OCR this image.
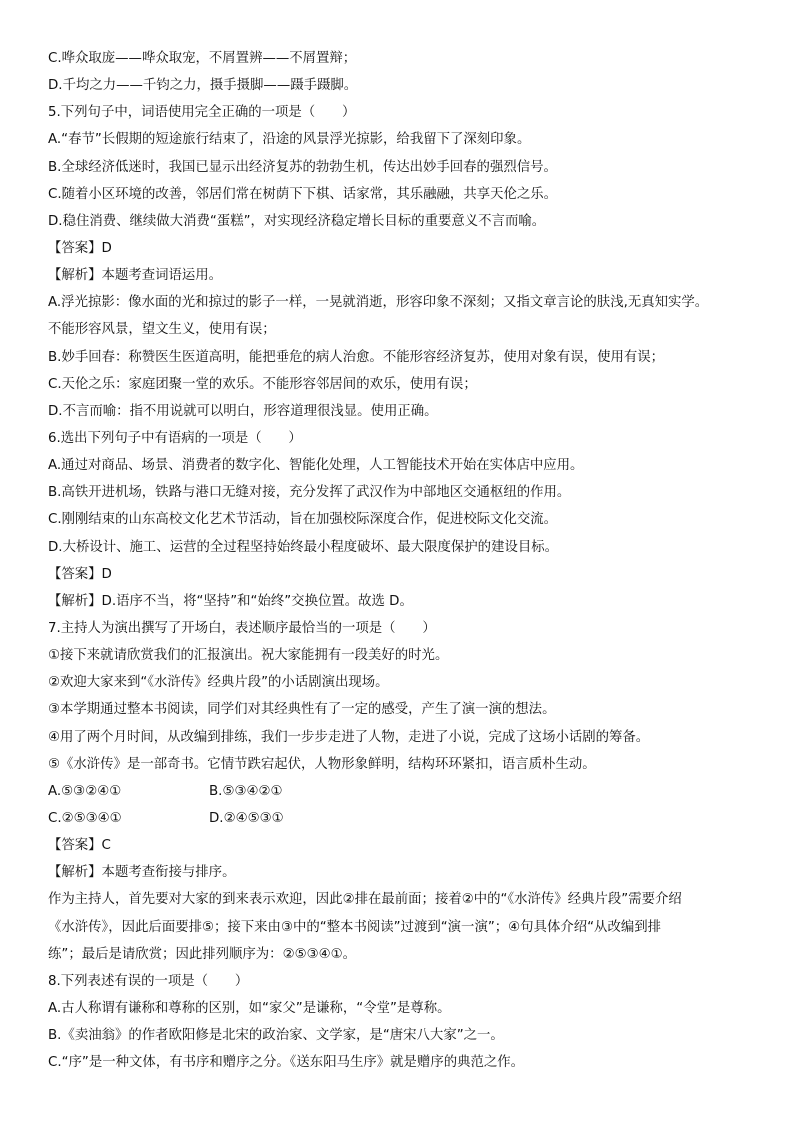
C.哗众取庞——哗众取宠，不屑置辨——不屑置辩；
D.千均之力——千钧之力，摄手摄脚——蹑手蹑脚。
5.下列句子中，词语使用完全正确的一项是（　　）
A.“春节”长假期的短途旅行结束了，沿途的风景浮光掠影，给我留下了深刻印象。
B.全球经济低迷时，我国已显示出经济复苏的勃勃生机，传达出妙手回春的强烈信号。
C.随着小区环境的改善，邻居们常在树荫下下棋、话家常，其乐融融，共享天伦之乐。
D.稳住消费、继续做大消费“蛋糕”，对实现经济稳定增长目标的重要意义不言而喻。
【答案】D
【解析】本题考查词语运用。
A.浮光掠影：像水面的光和掠过的影子一样，一晃就消逝，形容印象不深刻；又指文章言论的肤浅,无真知实学。
不能形容风景，望文生义，使用有误；
B.妙手回春：称赞医生医道高明，能把垂危的病人治愈。不能形容经济复苏，使用对象有误，使用有误；
C.天伦之乐：家庭团聚一堂的欢乐。不能形容邻居间的欢乐，使用有误；
D.不言而喻：指不用说就可以明白，形容道理很浅显。使用正确。
6.选出下列句子中有语病的一项是（　　）
A.通过对商品、场景、消费者的数字化、智能化处理，人工智能技术开始在实体店中应用。
B.高铁开进机场，铁路与港口无缝对接，充分发挥了武汉作为中部地区交通枢纽的作用。
C.刚刚结束的山东高校文化艺术节活动，旨在加强校际深度合作，促进校际文化交流。
D.大桥设计、施工、运营的全过程坚持始终最小程度破坏、最大限度保护的建设目标。
【答案】D
【解析】D.语序不当，将“坚持”和“始终”交换位置。故选 D。
7.主持人为演出撰写了开场白，表述顺序最恰当的一项是（　　）
①接下来就请欣赏我们的汇报演出。祝大家能拥有一段美好的时光。
②欢迎大家来到“《水浒传》经典片段”的小话剧演出现场。
③本学期通过整本书阅读，同学们对其经典性有了一定的感受，产生了演一演的想法。
④用了两个月时间，从改编到排练，我们一步步走进了人物，走进了小说，完成了这场小话剧的筹备。
⑤《水浒传》是一部奇书。它情节跌宕起伏，人物形象鲜明，结构环环紧扣，语言质朴生动。
A.⑤③②④①	B.⑤③④②①
C.②⑤③④①	D.②④⑤③①
【答案】C
【解析】本题考查衔接与排序。
作为主持人，首先要对大家的到来表示欢迎，因此②排在最前面；接着②中的“《水浒传》经典片段”需要介绍
《水浒传》，因此后面要排⑤；接下来由③中的“整本书阅读”过渡到“演一演”；④句具体介绍“从改编到排
练”；最后是请欣赏；因此排列顺序为：②⑤③④①。
8.下列表述有误的一项是（　　）
A.古人称谓有谦称和尊称的区别，如“家父”是谦称，“令堂”是尊称。
B.《卖油翁》的作者欧阳修是北宋的政治家、文学家，是“唐宋八大家”之一。
C.“序”是一种文体，有书序和赠序之分。《送东阳马生序》就是赠序的典范之作。
